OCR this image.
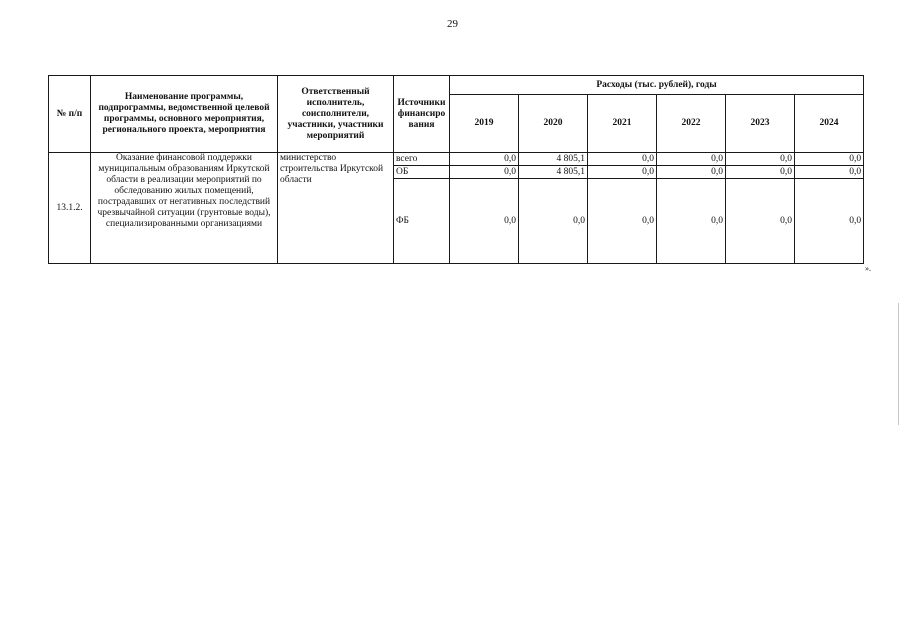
29
№ п/п	Наименование программы, подпрограммы, ведомственной целевой программы, основного мероприятия, регионального проекта, мероприятия	Ответственный исполнитель, соисполнители, участники, участники мероприятий	Источники финансиро вания	Расходы (тыс. рублей), годы					
				2019	2020	2021	2022	2023	2024
13.1.2.	Оказание финансовой поддержки муниципальным образованиям Иркутской области в реализации мероприятий по обследованию жилых помещений, пострадавших от негативных последствий чрезвычайной ситуации (грунтовые воды), специализированными организациями	министерство строительства Иркутской области	всего	0,0	4 805,1	0,0	0,0	0,0	0,0
			ОБ	0,0	4 805,1	0,0	0,0	0,0	0,0
			ФБ	0,0	0,0	0,0	0,0	0,0	0,0
».
